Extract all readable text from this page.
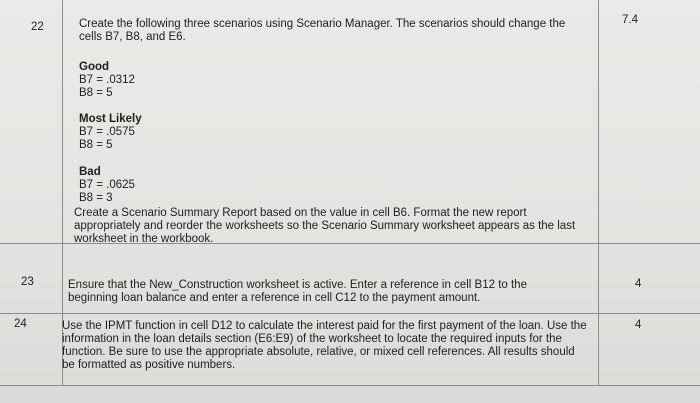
22
7.4
Create the following three scenarios using Scenario Manager. The scenarios should change the cells B7, B8, and E6.
Good
B7 = .0312
B8 = 5
Most Likely
B7 = .0575
B8 = 5
Bad
B7 = .0625
B8 = 3
Create a Scenario Summary Report based on the value in cell B6. Format the new report appropriately and reorder the worksheets so the Scenario Summary worksheet appears as the last worksheet in the workbook.
23	4
Ensure that the New_Construction worksheet is active. Enter a reference in cell B12 to the beginning loan balance and enter a reference in cell C12 to the payment amount.
24	4
Use the IPMT function in cell D12 to calculate the interest paid for the first payment of the loan. Use the information in the loan details section (E6:E9) of the worksheet to locate the required inputs for the function. Be sure to use the appropriate absolute, relative, or mixed cell references. All results should be formatted as positive numbers.
